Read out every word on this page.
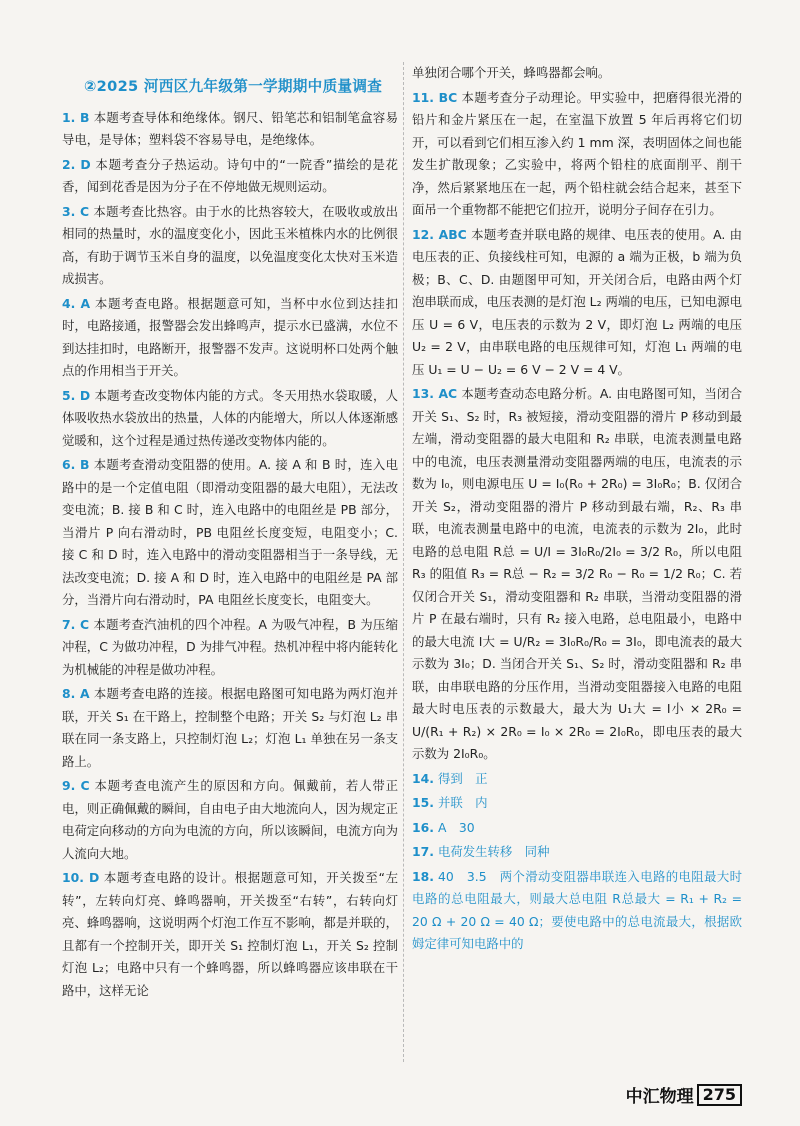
②2025 河西区九年级第一学期期中质量调查
1. B 本题考查导体和绝缘体。钢尺、铅笔芯和铝制笔盒容易导电，是导体；塑料袋不容易导电，是绝缘体。
2. D 本题考查分子热运动。诗句中的“一院香”描绘的是花香，闻到花香是因为分子在不停地做无规则运动。
3. C 本题考查比热容。由于水的比热容较大，在吸收或放出相同的热量时，水的温度变化小，因此玉米植株内水的比例很高，有助于调节玉米自身的温度，以免温度变化太快对玉米造成损害。
4. A 本题考查电路。根据题意可知，当杯中水位到达挂扣时，电路接通，报警器会发出蜂鸣声，提示水已盛满，水位不到达挂扣时，电路断开，报警器不发声。这说明杯口处两个触点的作用相当于开关。
5. D 本题考查改变物体内能的方式。冬天用热水袋取暖，人体吸收热水袋放出的热量，人体的内能增大，所以人体逐渐感觉暖和，这个过程是通过热传递改变物体内能的。
6. B 本题考查滑动变阻器的使用。A. 接 A 和 B 时，连入电路中的是一个定值电阻（即滑动变阻器的最大电阻），无法改变电流；B. 接 B 和 C 时，连入电路中的电阻丝是 PB 部分，当滑片 P 向右滑动时，PB 电阻丝长度变短，电阻变小；C. 接 C 和 D 时，连入电路中的滑动变阻器相当于一条导线，无法改变电流；D. 接 A 和 D 时，连入电路中的电阻丝是 PA 部分，当滑片向右滑动时，PA 电阻丝长度变长，电阻变大。
7. C 本题考查汽油机的四个冲程。A 为吸气冲程，B 为压缩冲程，C 为做功冲程，D 为排气冲程。热机冲程中将内能转化为机械能的冲程是做功冲程。
8. A 本题考查电路的连接。根据电路图可知电路为两灯泡并联，开关 S₁ 在干路上，控制整个电路；开关 S₂ 与灯泡 L₂ 串联在同一条支路上，只控制灯泡 L₂；灯泡 L₁ 单独在另一条支路上。
9. C 本题考查电流产生的原因和方向。佩戴前，若人带正电，则正确佩戴的瞬间，自由电子由大地流向人，因为规定正电荷定向移动的方向为电流的方向，所以该瞬间，电流方向为人流向大地。
10. D 本题考查电路的设计。根据题意可知，开关拨至“左转”，左转向灯亮、蜂鸣器响，开关拨至“右转”，右转向灯亮、蜂鸣器响，这说明两个灯泡工作互不影响，都是并联的，且都有一个控制开关，即开关 S₁ 控制灯泡 L₁，开关 S₂ 控制灯泡 L₂；电路中只有一个蜂鸣器，所以蜂鸣器应该串联在干路中，这样无论
单独闭合哪个开关，蜂鸣器都会响。
11. BC 本题考查分子动理论。甲实验中，把磨得很光滑的铅片和金片紧压在一起，在室温下放置 5 年后再将它们切开，可以看到它们相互渗入约 1 mm 深，表明固体之间也能发生扩散现象；乙实验中，将两个铅柱的底面削平、削干净，然后紧紧地压在一起，两个铅柱就会结合起来，甚至下面吊一个重物都不能把它们拉开，说明分子间存在引力。
12. ABC 本题考查并联电路的规律、电压表的使用。A. 由电压表的正、负接线柱可知，电源的 a 端为正极，b 端为负极；B、C、D. 由题图甲可知，开关闭合后，电路由两个灯泡串联而成，电压表测的是灯泡 L₂ 两端的电压，已知电源电压 U = 6 V，电压表的示数为 2 V，即灯泡 L₂ 两端的电压 U₂ = 2 V，由串联电路的电压规律可知，灯泡 L₁ 两端的电压 U₁ = U − U₂ = 6 V − 2 V = 4 V。
13. AC 本题考查动态电路分析。A. 由电路图可知，当闭合开关 S₁、S₂ 时，R₃ 被短接，滑动变阻器的滑片 P 移动到最左端，滑动变阻器的最大电阻和 R₂ 串联，电流表测量电路中的电流，电压表测量滑动变阻器两端的电压，电流表的示数为 I₀，则电源电压 U = I₀(R₀ + 2R₀) = 3I₀R₀；B. 仅闭合开关 S₂，滑动变阻器的滑片 P 移动到最右端，R₂、R₃ 串联，电流表测量电路中的电流，电流表的示数为 2I₀，此时电路的总电阻 R总 = U/I = 3I₀R₀/2I₀ = 3/2 R₀，所以电阻 R₃ 的阻值 R₃ = R总 − R₂ = 3/2 R₀ − R₀ = 1/2 R₀；C. 若仅闭合开关 S₁，滑动变阻器和 R₂ 串联，当滑动变阻器的滑片 P 在最右端时，只有 R₂ 接入电路，总电阻最小，电路中的最大电流 I大 = U/R₂ = 3I₀R₀/R₀ = 3I₀，即电流表的最大示数为 3I₀；D. 当闭合开关 S₁、S₂ 时，滑动变阻器和 R₂ 串联，由串联电路的分压作用，当滑动变阻器接入电路的电阻最大时电压表的示数最大，最大为 U₁大 = I小 × 2R₀ = U/(R₁ + R₂) × 2R₀ = I₀ × 2R₀ = 2I₀R₀，即电压表的最大示数为 2I₀R₀。
14. 得到　正
15. 并联　内
16. A　30
17. 电荷发生转移　同种
18. 40　3.5　两个滑动变阻器串联连入电路的电阻最大时电路的总电阻最大，则最大总电阻 R总最大 = R₁ + R₂ = 20 Ω + 20 Ω = 40 Ω；要使电路中的总电流最大，根据欧姆定律可知电路中的
中汇物理 275
